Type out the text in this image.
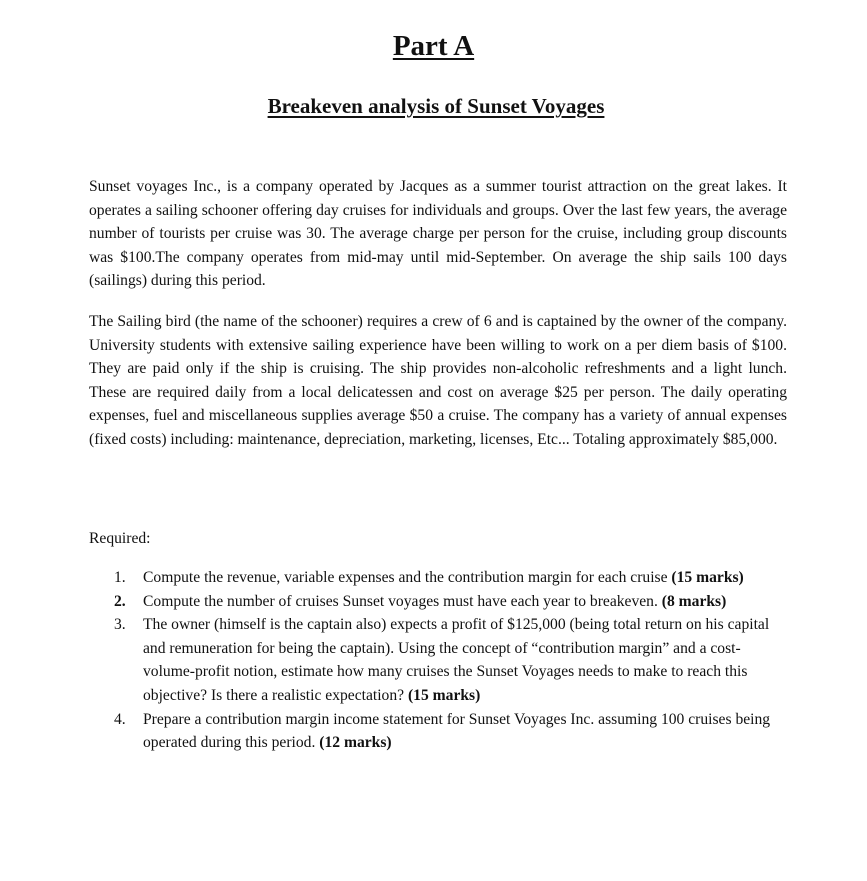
Part A
Breakeven analysis of Sunset Voyages

Sunset voyages Inc., is a company operated by Jacques as a summer tourist attraction on the great lakes. It operates a sailing schooner offering day cruises for individuals and groups. Over the last few years, the average number of tourists per cruise was 30. The average charge per person for the cruise, including group discounts was $100.The company operates from mid-may until mid-September. On average the ship sails 100 days (sailings) during this period.

The Sailing bird (the name of the schooner) requires a crew of 6 and is captained by the owner of the company. University students with extensive sailing experience have been willing to work on a per diem basis of $100. They are paid only if the ship is cruising. The ship provides non-alcoholic refreshments and a light lunch. These are required daily from a local delicatessen and cost on average $25 per person. The daily operating expenses, fuel and miscellaneous supplies average $50 a cruise. The company has a variety of annual expenses (fixed costs) including: maintenance, depreciation, marketing, licenses, Etc... Totaling approximately $85,000.

Required:

1. Compute the revenue, variable expenses and the contribution margin for each cruise (15 marks)
2. Compute the number of cruises Sunset voyages must have each year to breakeven. (8 marks)
3. The owner (himself is the captain also) expects a profit of $125,000 (being total return on his capital and remuneration for being the captain). Using the concept of “contribution margin” and a cost-volume-profit notion, estimate how many cruises the Sunset Voyages needs to make to reach this objective? Is there a realistic expectation? (15 marks)
4. Prepare a contribution margin income statement for Sunset Voyages Inc. assuming 100 cruises being operated during this period. (12 marks)
